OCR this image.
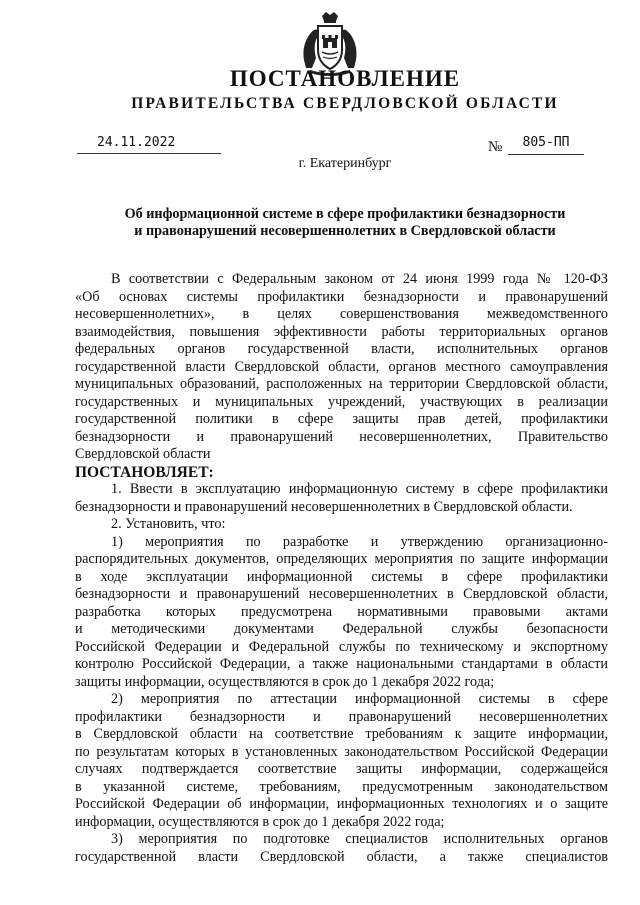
ПОСТАНОВЛЕНИЕ
ПРАВИТЕЛЬСТВА СВЕРДЛОВСКОЙ ОБЛАСТИ
24.11.2022	№	805-ПП
г. Екатеринбург
Об информационной системе в сфере профилактики безнадзорности
и правонарушений несовершеннолетних в Свердловской области
В соответствии с Федеральным законом от 24 июня 1999 года № 120-ФЗ
«Об основах системы профилактики безнадзорности и правонарушений
несовершеннолетних», в целях совершенствования межведомственного
взаимодействия, повышения эффективности работы территориальных органов
федеральных органов государственной власти, исполнительных органов
государственной власти Свердловской области, органов местного самоуправления
муниципальных образований, расположенных на территории Свердловской области,
государственных и муниципальных учреждений, участвующих в реализации
государственной политики в сфере защиты прав детей, профилактики
безнадзорности и правонарушений несовершеннолетних, Правительство
Свердловской области
ПОСТАНОВЛЯЕТ:
1. Ввести в эксплуатацию информационную систему в сфере профилактики
безнадзорности и правонарушений несовершеннолетних в Свердловской области.
2. Установить, что:
1) мероприятия по разработке и утверждению организационно-
распорядительных документов, определяющих мероприятия по защите информации
в ходе эксплуатации информационной системы в сфере профилактики
безнадзорности и правонарушений несовершеннолетних в Свердловской области,
разработка которых предусмотрена нормативными правовыми актами
и методическими документами Федеральной службы безопасности
Российской Федерации и Федеральной службы по техническому и экспортному
контролю Российской Федерации, а также национальными стандартами в области
защиты информации, осуществляются в срок до 1 декабря 2022 года;
2) мероприятия по аттестации информационной системы в сфере
профилактики безнадзорности и правонарушений несовершеннолетних
в Свердловской области на соответствие требованиям к защите информации,
по результатам которых в установленных законодательством Российской Федерации
случаях подтверждается соответствие защиты информации, содержащейся
в указанной системе, требованиям, предусмотренным законодательством
Российской Федерации об информации, информационных технологиях и о защите
информации, осуществляются в срок до 1 декабря 2022 года;
3) мероприятия по подготовке специалистов исполнительных органов
государственной власти Свердловской области, а также специалистов
